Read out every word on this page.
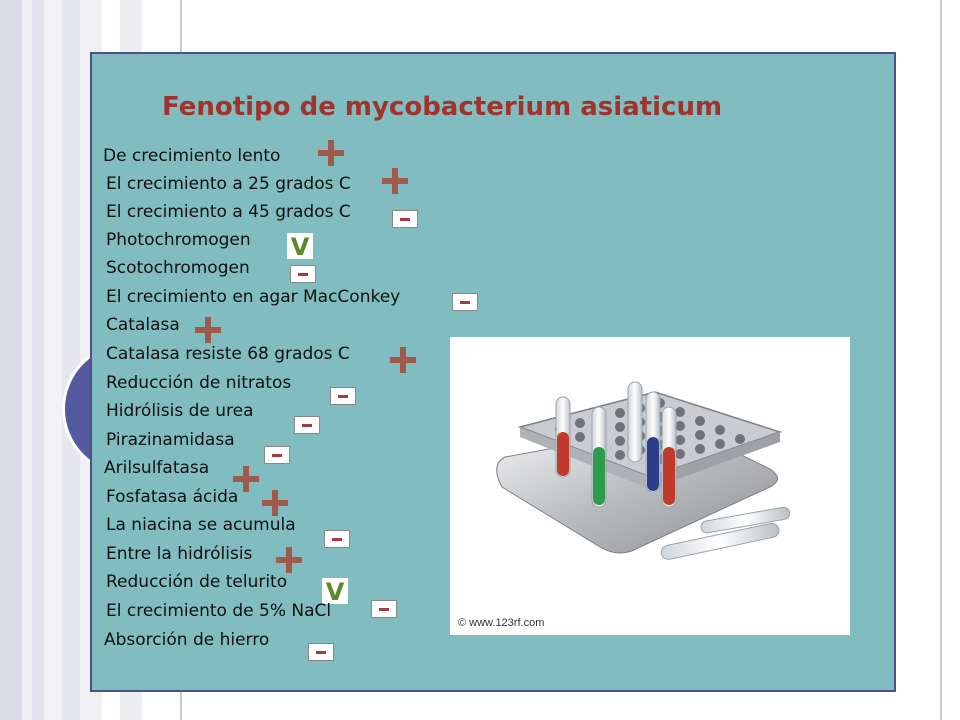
Fenotipo de mycobacterium asiaticum
De crecimiento lento
El crecimiento a 25 grados C
El crecimiento a 45 grados C
Photochromogen V
Scotochromogen
El crecimiento en agar MacConkey
Catalasa
Catalasa resiste 68 grados C
Reducción de nitratos
Hidrólisis de urea
Pirazinamidasa
Arilsulfatasa
Fosfatasa ácida
La niacina se acumula
Entre la hidrólisis
Reducción de telurito V
El crecimiento de 5% NaCl
Absorción de hierro
© www.123rf.com
